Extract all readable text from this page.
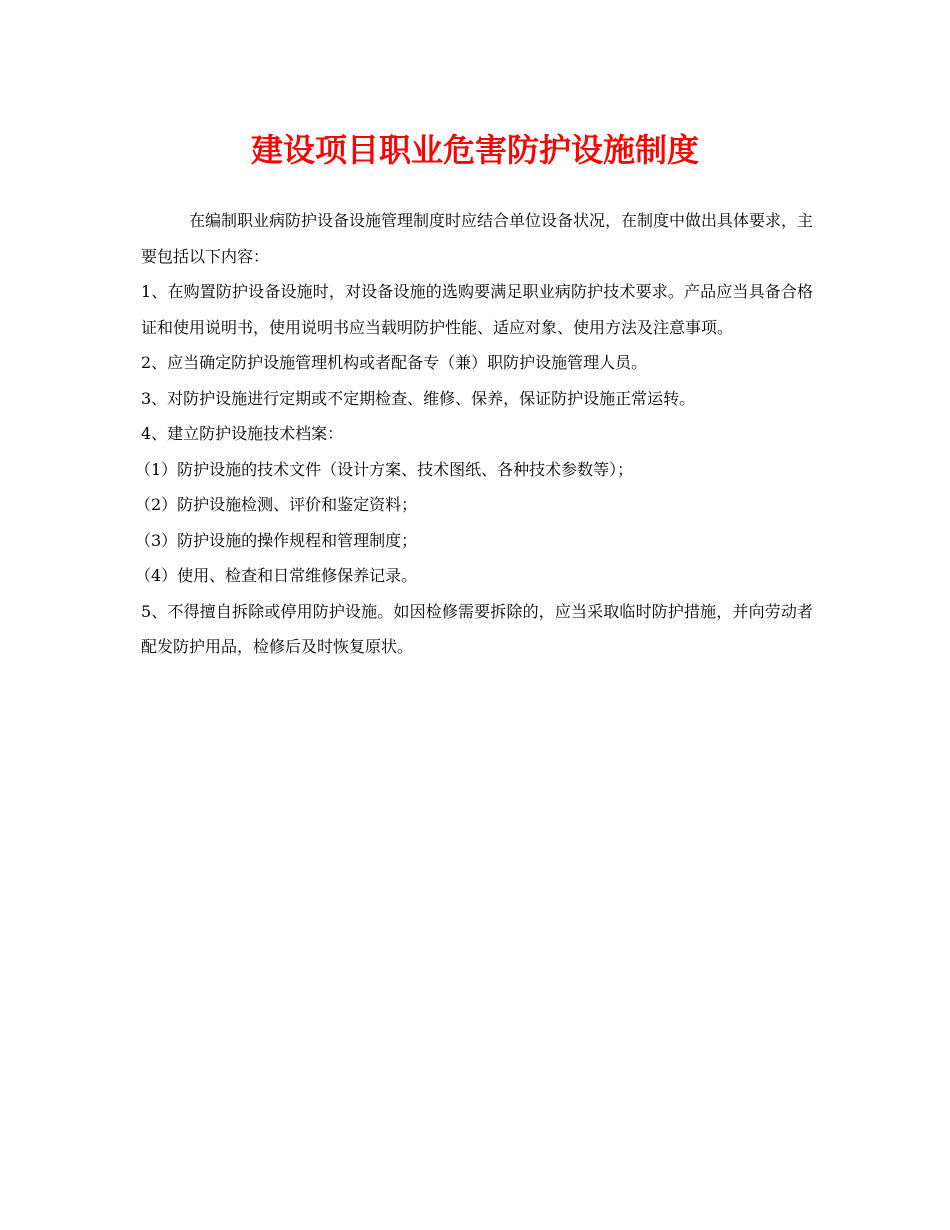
建设项目职业危害防护设施制度

在编制职业病防护设备设施管理制度时应结合单位设备状况，在制度中做出具体要求，主要包括以下内容：

1、在购置防护设备设施时，对设备设施的选购要满足职业病防护技术要求。产品应当具备合格证和使用说明书，使用说明书应当载明防护性能、适应对象、使用方法及注意事项。

2、应当确定防护设施管理机构或者配备专（兼）职防护设施管理人员。

3、对防护设施进行定期或不定期检查、维修、保养，保证防护设施正常运转。

4、建立防护设施技术档案：

（1）防护设施的技术文件（设计方案、技术图纸、各种技术参数等）；

（2）防护设施检测、评价和鉴定资料；

（3）防护设施的操作规程和管理制度；

（4）使用、检查和日常维修保养记录。

5、不得擅自拆除或停用防护设施。如因检修需要拆除的，应当采取临时防护措施，并向劳动者配发防护用品，检修后及时恢复原状。
